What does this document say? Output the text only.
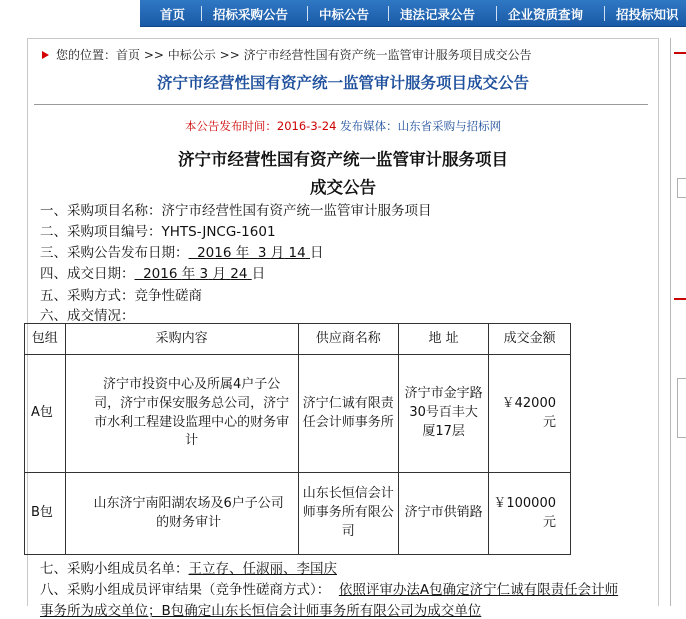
首页 招标采购公告 中标公告 违法记录公告	企业资质查询	招投标知识
您的位置：首页 >> 中标公示 >> 济宁市经营性国有资产统一监管审计服务项目成交公告
济宁市经营性国有资产统一监管审计服务项目成交公告
本公告发布时间：2016-3-24 发布媒体：山东省采购与招标网
济宁市经营性国有资产统一监管审计服务项目
成交公告
一、采购项目名称：济宁市经营性国有资产统一监管审计服务项目
二、采购项目编号：YHTS-JNCG-1601
三、采购公告发布日期： 2016 年 3 月 14 日
四、成交日期： 2016 年 3 月 24 日
五、采购方式：竞争性磋商
六、成交情况：
包组	采购内容	供应商名称	地 址	成交金额
A包	济宁市投资中心及所属4户子公司，济宁市保安服务总公司，济宁市水利工程建设监理中心的财务审计	济宁仁诚有限责任会计师事务所	济宁市金宇路30号百丰大厦17层	￥42000元
B包	山东济宁南阳湖农场及6户子公司的财务审计	山东长恒信会计师事务所有限公司	济宁市供销路	￥100000元
七、采购小组成员名单：王立存、任淑丽、李国庆
八、采购小组成员评审结果（竞争性磋商方式）： 依照评审办法A包确定济宁仁诚有限责任会计师
事务所为成交单位；B包确定山东长恒信会计师事务所有限公司为成交单位
